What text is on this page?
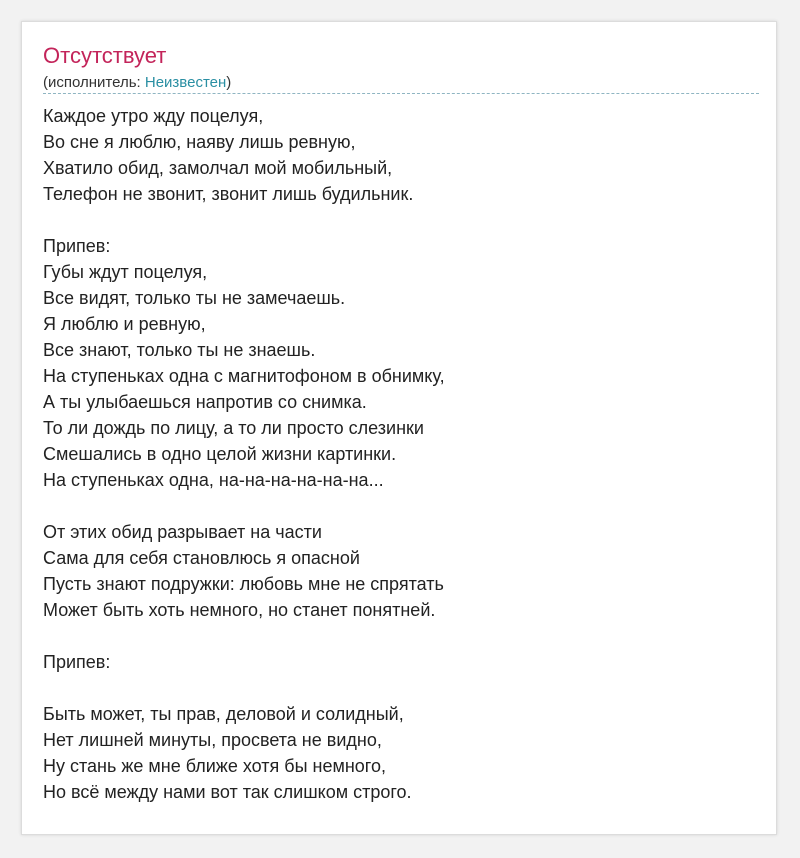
Отсутствует
(исполнитель: Неизвестен)
Каждое утро жду поцелуя,
Во сне я люблю, наяву лишь ревную,
Хватило обид, замолчал мой мобильный,
Телефон не звонит, звонит лишь будильник.
Припев:
Губы ждут поцелуя,
Все видят, только ты не замечаешь.
Я люблю и ревную,
Все знают, только ты не знаешь.
На ступеньках одна с магнитофоном в обнимку,
А ты улыбаешься напротив со снимка.
То ли дождь по лицу, а то ли просто слезинки
Смешались в одно целой жизни картинки.
На ступеньках одна, на-на-на-на-на-на...
От этих обид разрывает на части
Сама для себя становлюсь я опасной
Пусть знают подружки: любовь мне не спрятать
Может быть хоть немного, но станет понятней.
Припев:
Быть может, ты прав, деловой и солидный,
Нет лишней минуты, просвета не видно,
Ну стань же мне ближе хотя бы немного,
Но всё между нами вот так слишком строго.
